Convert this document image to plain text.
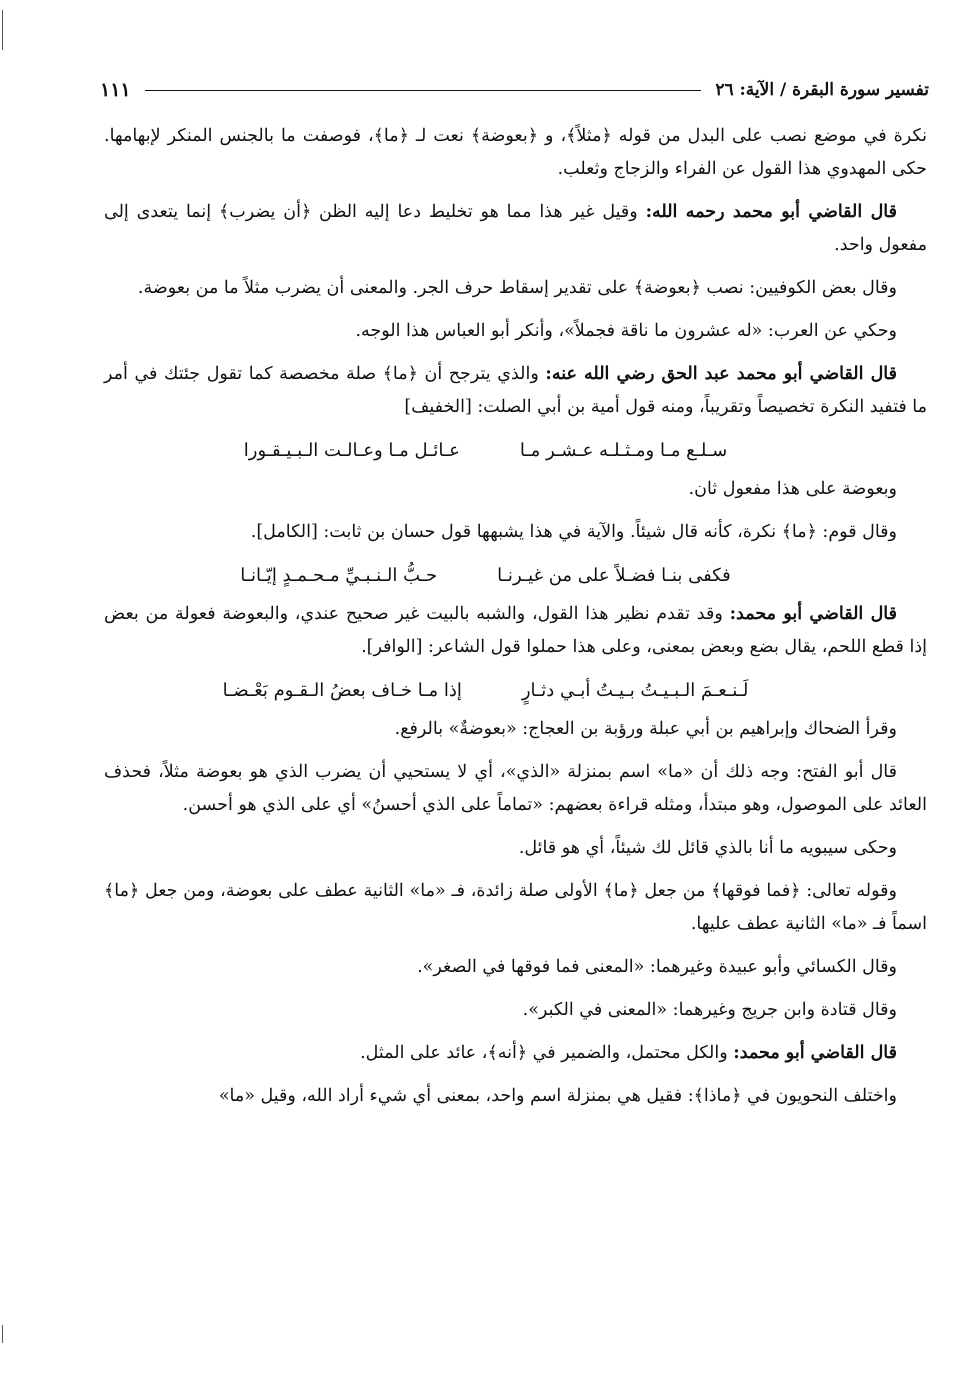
تفسير سورة البقرة / الآية: ٢٦
١١١

نكرة في موضع نصب على البدل من قوله ﴿مثلاً﴾، و ﴿بعوضة﴾ نعت لـ ﴿ما﴾، فوصفت ما بالجنس المنكر لإبهامها. حكى المهدوي هذا القول عن الفراء والزجاج وثعلب.

قال القاضي أبو محمد رحمه الله: وقيل غير هذا مما هو تخليط دعا إليه الظن ﴿أن يضرب﴾ إنما يتعدى إلى مفعول واحد.

وقال بعض الكوفيين: نصب ﴿بعوضة﴾ على تقدير إسقاط حرف الجر. والمعنى أن يضرب مثلاً ما من بعوضة.

وحكي عن العرب: «له عشرون ما ناقة فجملاً»، وأنكر أبو العباس هذا الوجه.

قال القاضي أبو محمد عبد الحق رضي الله عنه: والذي يترجح أن ﴿ما﴾ صلة مخصصة كما تقول جئتك في أمر ما فتفيد النكرة تخصيصاً وتقريباً، ومنه قول أمية بن أبي الصلت: [الخفيف]

سـلـع مـا ومـثـلـه عـشـر مـا
عـائـل مـا وعـالـت الـبـيـقـورا

وبعوضة على هذا مفعول ثان.

وقال قوم: ﴿ما﴾ نكرة، كأنه قال شيئاً. والآية في هذا يشبهها قول حسان بن ثابت: [الكامل].

فكفى بنـا فضـلاً على من غيـرنـا
حـبُّ الـنـبـيِّ مـحـمـدٍ إيّـانـا

قال القاضي أبو محمد: وقد تقدم نظير هذا القول، والشبه بالبيت غير صحيح عندي، والبعوضة فعولة من بعض إذا قطع اللحم، يقال بضع وبعض بمعنى، وعلى هذا حملوا قول الشاعر: [الوافر].

لَـنـعـمَ الـبـيـتُ بـيـتُ أبـي دثـارٍ
إذا مـا خـاف بعضُ الـقـوم بَعْـضـا

وقرأ الضحاك وإبراهيم بن أبي عبلة ورؤبة بن العجاج: «بعوضةٌ» بالرفع.

قال أبو الفتح: وجه ذلك أن «ما» اسم بمنزلة «الذي»، أي لا يستحيي أن يضرب الذي هو بعوضة مثلاً، فحذف العائد على الموصول، وهو مبتدأ، ومثله قراءة بعضهم: «تماماً على الذي أحسنُ» أي على الذي هو أحسن.

وحكى سيبويه ما أنا بالذي قائل لك شيئاً، أي هو قائل.

وقوله تعالى: ﴿فما فوقها﴾ من جعل ﴿ما﴾ الأولى صلة زائدة، فـ «ما» الثانية عطف على بعوضة، ومن جعل ﴿ما﴾ اسماً فـ «ما» الثانية عطف عليها.

وقال الكسائي وأبو عبيدة وغيرهما: «المعنى فما فوقها في الصغر».

وقال قتادة وابن جريج وغيرهما: «المعنى في الكبر».

قال القاضي أبو محمد: والكل محتمل، والضمير في ﴿أنه﴾، عائد على المثل.

واختلف النحويون في ﴿ماذا﴾: فقيل هي بمنزلة اسم واحد، بمعنى أي شيء أراد الله، وقيل «ما»
